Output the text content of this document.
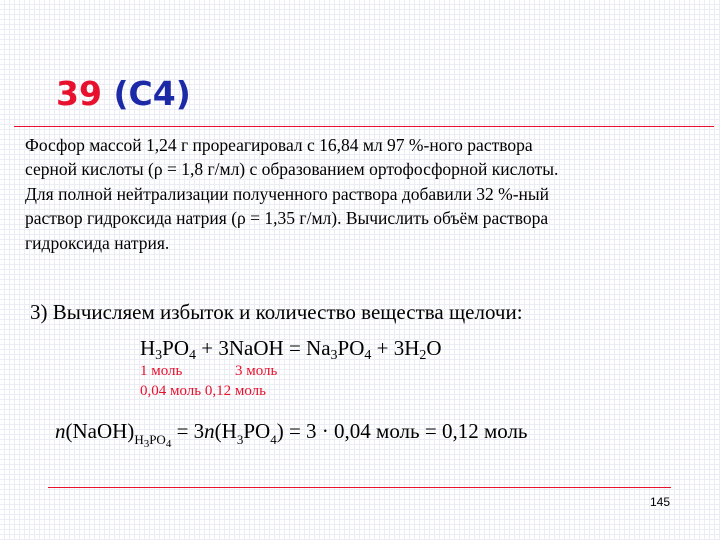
39 (C4)
Фосфор массой 1,24 г прореагировал с 16,84 мл 97 %-ного раствора
серной кислоты (ρ = 1,8 г/мл) с образованием ортофосфорной кислоты.
Для полной нейтрализации полученного раствора добавили 32 %-ный
раствор гидроксида натрия (ρ = 1,35 г/мл). Вычислить объём раствора
гидроксида натрия.
3) Вычисляем избыток и количество вещества щелочи:
$H_3PO_4$ + 3NaOH = $Na_3PO_4 + 3H_2O$
1 моль	3 моль
0,04 моль 0,12 моль
$n(NaOH)_{H_3PO_4} = 3n(H_3PO_4) = 3 \cdot 0,04$ моль = 0,12 моль
145
